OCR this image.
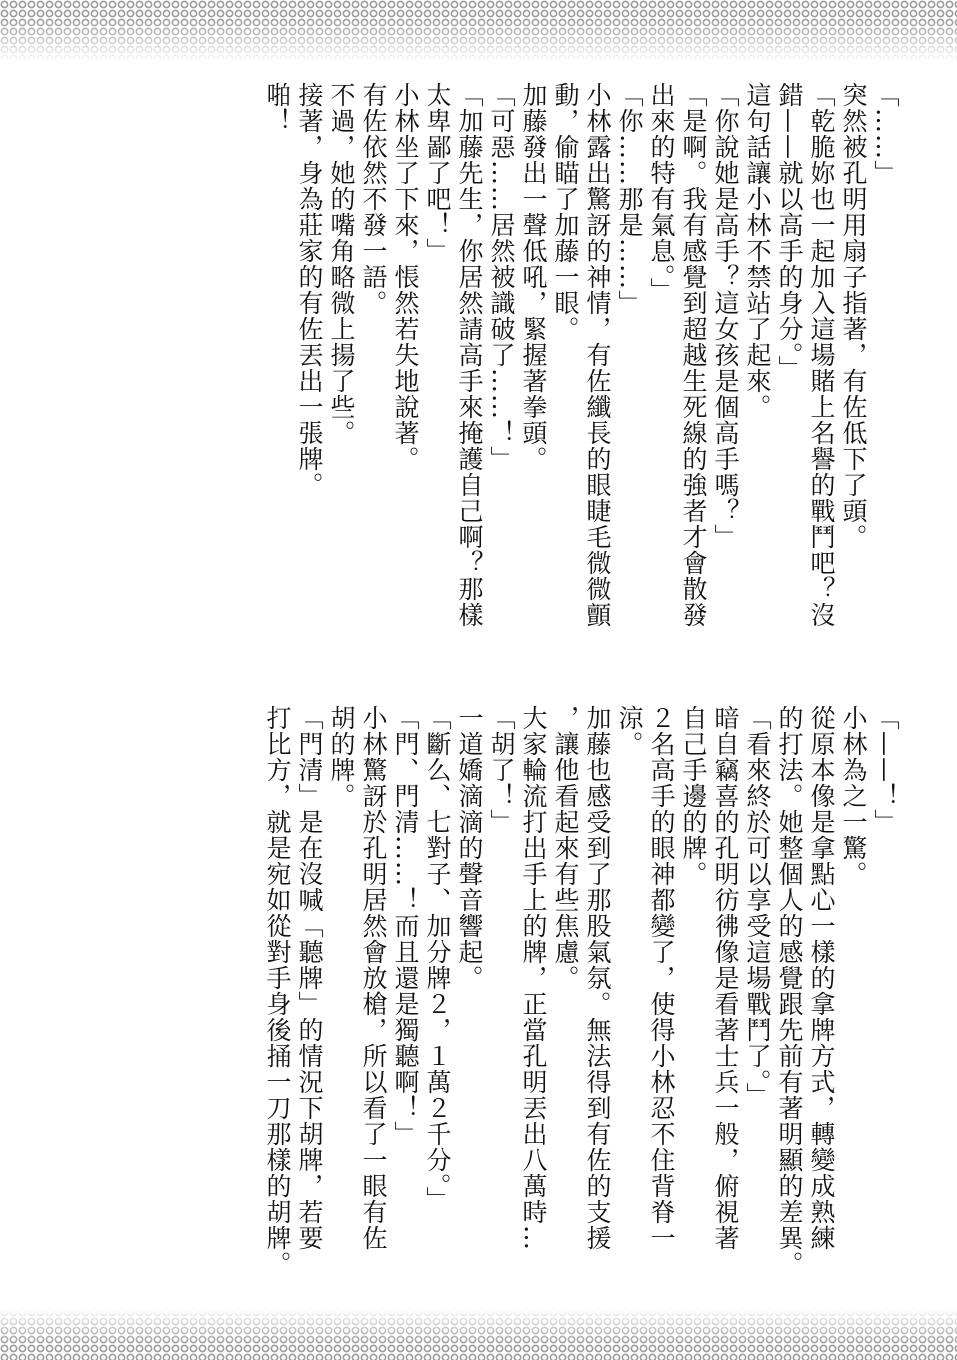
「……」
突然被孔明用扇子指著，有佐低下了頭。
「乾脆妳也一起加入這場賭上名譽的戰鬥吧？沒
錯——就以高手的身分。」
這句話讓小林不禁站了起來。
「你說她是高手？這女孩是個高手嗎？」
「是啊。我有感覺到超越生死線的強者才會散發
出來的特有氣息。」
「你……那是……」
小林露出驚訝的神情，有佐纖長的眼睫毛微微顫
動，偷瞄了加藤一眼。
加藤發出一聲低吼，緊握著拳頭。
「可惡……居然被識破了……！」
「加藤先生，你居然請高手來掩護自己啊？那樣
太卑鄙了吧！」
小林坐了下來，悵然若失地說著。
有佐依然不發一語。
不過，她的嘴角略微上揚了些。
接著，身為莊家的有佐丟出一張牌。
啪！
「——！」
小林為之一驚。
從原本像是拿點心一樣的拿牌方式，轉變成熟練
的打法。她整個人的感覺跟先前有著明顯的差異。
「看來終於可以享受這場戰鬥了。」
暗自竊喜的孔明彷彿像是看著士兵一般，俯視著
自己手邊的牌。
２名高手的眼神都變了，使得小林忍不住背脊一
涼。
加藤也感受到了那股氣氛。無法得到有佐的支援
，讓他看起來有些焦慮。
大家輪流打出手上的牌，正當孔明丟出八萬時…
「胡了！」
一道嬌滴滴的聲音響起。
「斷么、七對子、加分牌２，１萬２千分。」
「門、門清……！而且還是獨聽啊！」
小林驚訝於孔明居然會放槍，所以看了一眼有佐
胡的牌。
「門清」是在沒喊「聽牌」的情況下胡牌，若要
打比方，就是宛如從對手身後捅一刀那樣的胡牌。
